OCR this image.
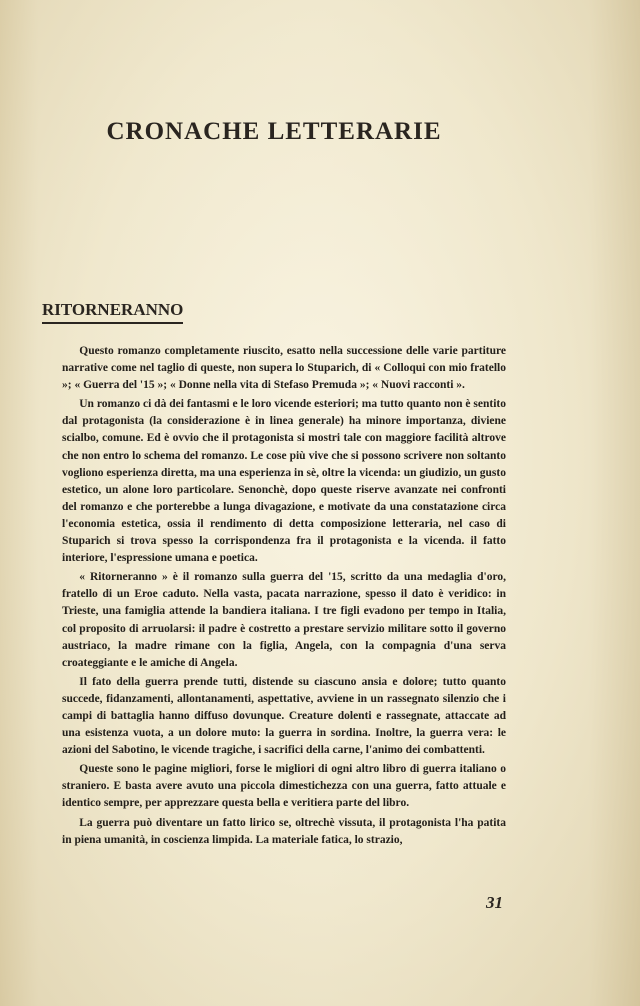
CRONACHE LETTERARIE
RITORNERANNO

Questo romanzo completamente riuscito, esatto nella successione delle varie partiture narrative come nel taglio di queste, non supera lo Stuparich, di « Colloqui con mio fratello »; « Guerra del '15 »; « Donne nella vita di Stefaso Premuda »; « Nuovi racconti ».

Un romanzo ci dà dei fantasmi e le loro vicende esteriori; ma tutto quanto non è sentito dal protagonista (la considerazione è in linea generale) ha minore importanza, diviene scialbo, comune. Ed è ovvio che il protagonista si mostri tale con maggiore facilità altrove che non entro lo schema del romanzo. Le cose più vive che si possono scrivere non soltanto vogliono esperienza diretta, ma una esperienza in sè, oltre la vicenda: un giudizio, un gusto estetico, un alone loro particolare. Senonchè, dopo queste riserve avanzate nei confronti del romanzo e che porterebbe a lunga divagazione, e motivate da una constatazione circa l'economia estetica, ossia il rendimento di detta composizione letteraria, nel caso di Stuparich si trova spesso la corrispondenza fra il protagonista e la vicenda. il fatto interiore, l'espressione umana e poetica.

« Ritorneranno » è il romanzo sulla guerra del '15, scritto da una medaglia d'oro, fratello di un Eroe caduto. Nella vasta, pacata narrazione, spesso il dato è veridico: in Trieste, una famiglia attende la bandiera italiana. I tre figli evadono per tempo in Italia, col proposito di arruolarsi: il padre è costretto a prestare servizio militare sotto il governo austriaco, la madre rimane con la figlia, Angela, con la compagnia d'una serva croateggiante e le amiche di Angela.

Il fato della guerra prende tutti, distende su ciascuno ansia e dolore; tutto quanto succede, fidanzamenti, allontanamenti, aspettative, avviene in un rassegnato silenzio che i campi di battaglia hanno diffuso dovunque. Creature dolenti e rassegnate, attaccate ad una esistenza vuota, a un dolore muto: la guerra in sordina. Inoltre, la guerra vera: le azioni del Sabotino, le vicende tragiche, i sacrifici della carne, l'animo dei combattenti.

Queste sono le pagine migliori, forse le migliori di ogni altro libro di guerra italiano o straniero. E basta avere avuto una piccola dimestichezza con una guerra, fatto attuale e identico sempre, per apprezzare questa bella e veritiera parte del libro.

La guerra può diventare un fatto lirico se, oltrechè vissuta, il protagonista l'ha patita in piena umanità, in coscienza limpida. La materiale fatica, lo strazio,

31
